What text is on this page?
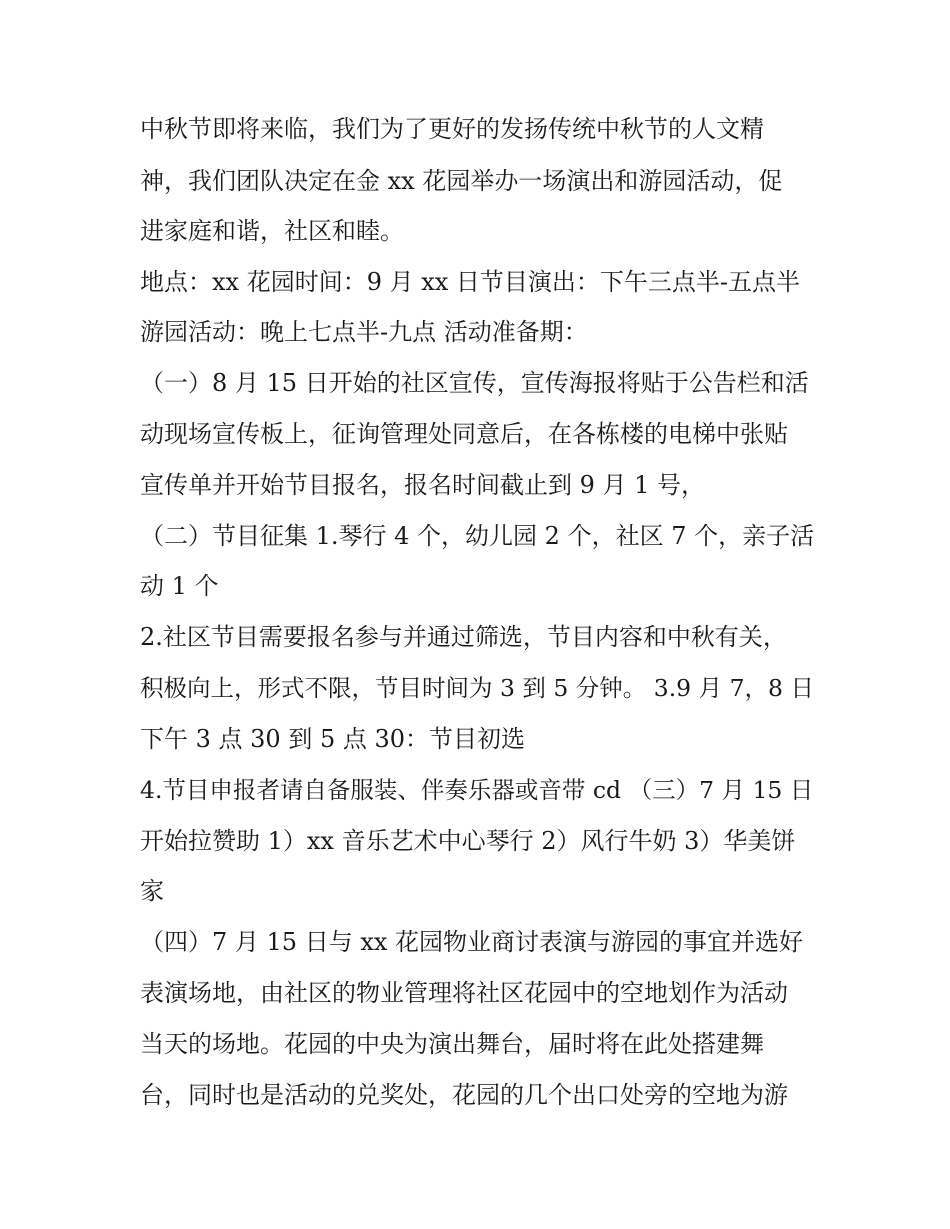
中秋节即将来临，我们为了更好的发扬传统中秋节的人文精
神，我们团队决定在金 xx 花园举办一场演出和游园活动，促
进家庭和谐，社区和睦。
地点：xx 花园时间：9 月 xx 日节目演出：下午三点半-五点半
游园活动：晚上七点半-九点 活动准备期：
（一）8 月 15 日开始的社区宣传，宣传海报将贴于公告栏和活
动现场宣传板上，征询管理处同意后，在各栋楼的电梯中张贴
宣传单并开始节目报名，报名时间截止到 9 月 1 号，
（二）节目征集 1.琴行 4 个，幼儿园 2 个，社区 7 个，亲子活
动 1 个
2.社区节目需要报名参与并通过筛选，节目内容和中秋有关，
积极向上，形式不限，节目时间为 3 到 5 分钟。 3.9 月 7，8 日
下午 3 点 30 到 5 点 30：节目初选
4.节目申报者请自备服装、伴奏乐器或音带 cd （三）7 月 15 日
开始拉赞助 1）xx 音乐艺术中心琴行 2）风行牛奶 3）华美饼
家
（四）7 月 15 日与 xx 花园物业商讨表演与游园的事宜并选好
表演场地，由社区的物业管理将社区花园中的空地划作为活动
当天的场地。花园的中央为演出舞台，届时将在此处搭建舞
台，同时也是活动的兑奖处，花园的几个出口处旁的空地为游
